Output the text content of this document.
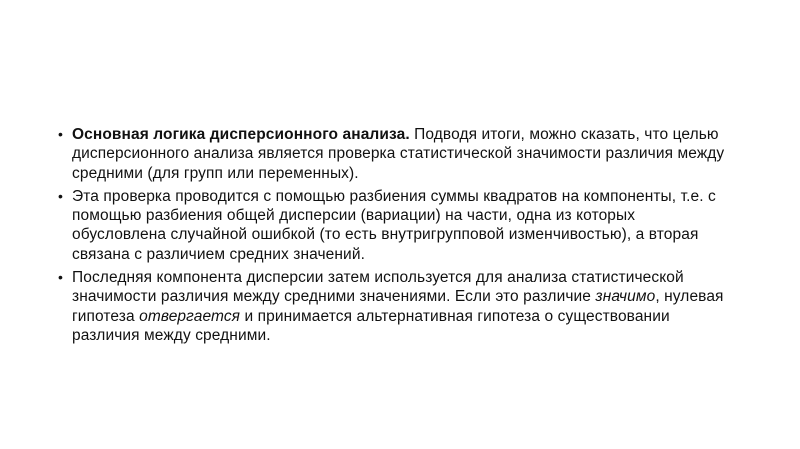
• Основная логика дисперсионного анализа. Подводя итоги, можно сказать, что целью дисперсионного анализа является проверка статистической значимости различия между средними (для групп или переменных).
• Эта проверка проводится с помощью разбиения суммы квадратов на компоненты, т.е. с помощью разбиения общей дисперсии (вариации) на части, одна из которых обусловлена случайной ошибкой (то есть внутригрупповой изменчивостью), а вторая связана с различием средних значений.
• Последняя компонента дисперсии затем используется для анализа статистической значимости различия между средними значениями. Если это различие значимо, нулевая гипотеза отвергается и принимается альтернативная гипотеза о существовании различия между средними.
